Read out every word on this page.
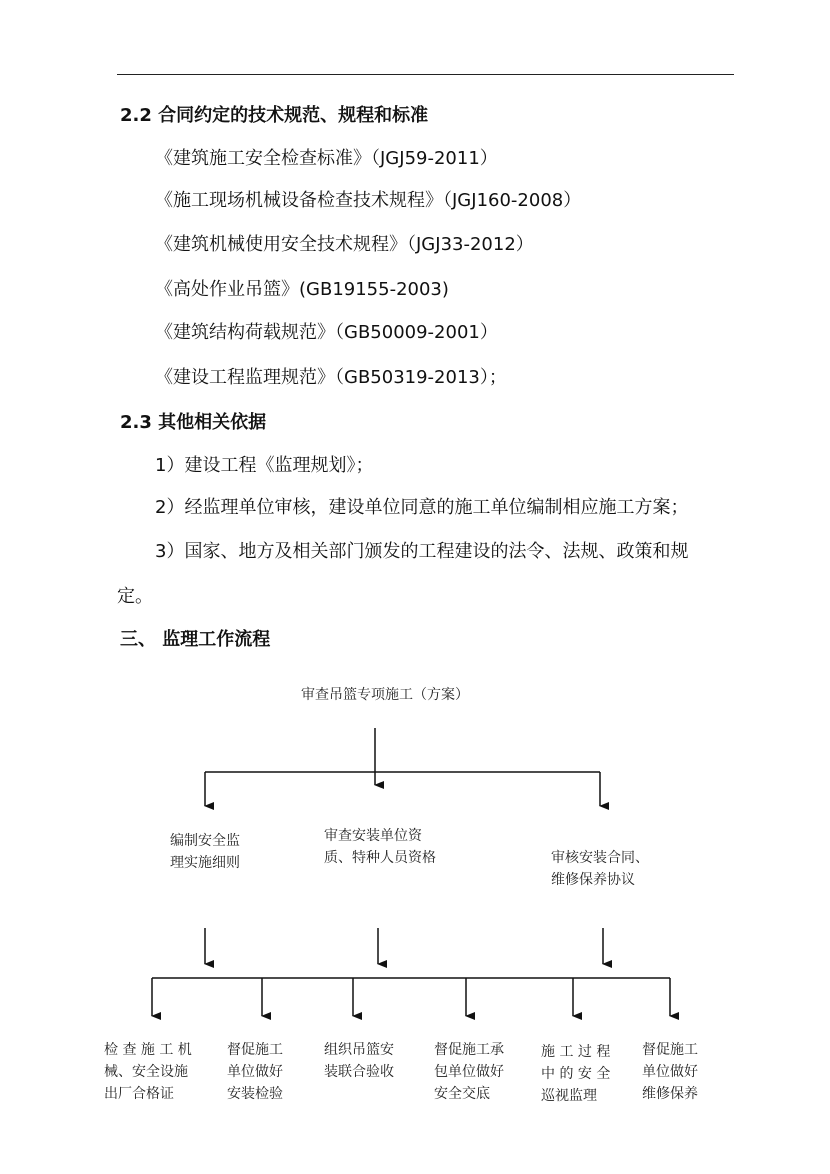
2.2 合同约定的技术规范、规程和标准
《建筑施工安全检查标准》（JGJ59-2011）
《施工现场机械设备检查技术规程》（JGJ160-2008）
《建筑机械使用安全技术规程》（JGJ33-2012）
《高处作业吊篮》(GB19155-2003)
《建筑结构荷载规范》（GB50009-2001）
《建设工程监理规范》（GB50319-2013）；
2.3 其他相关依据
1）建设工程《监理规划》；
2）经监理单位审核，建设单位同意的施工单位编制相应施工方案；
3）国家、地方及相关部门颁发的工程建设的法令、法规、政策和规
定。
三、 监理工作流程
审查吊篮专项施工（方案）
编制安全监
理实施细则
审查安装单位资
质、特种人员资格	审核安装合同、
维修保养协议
检 查 施 工 机
械、安全设施
出厂合格证
督促施工
单位做好
安装检验
组织吊篮安
装联合验收
督促施工承
包单位做好
安全交底
施 工 过 程
中 的 安 全
巡视监理
督促施工
单位做好
维修保养
